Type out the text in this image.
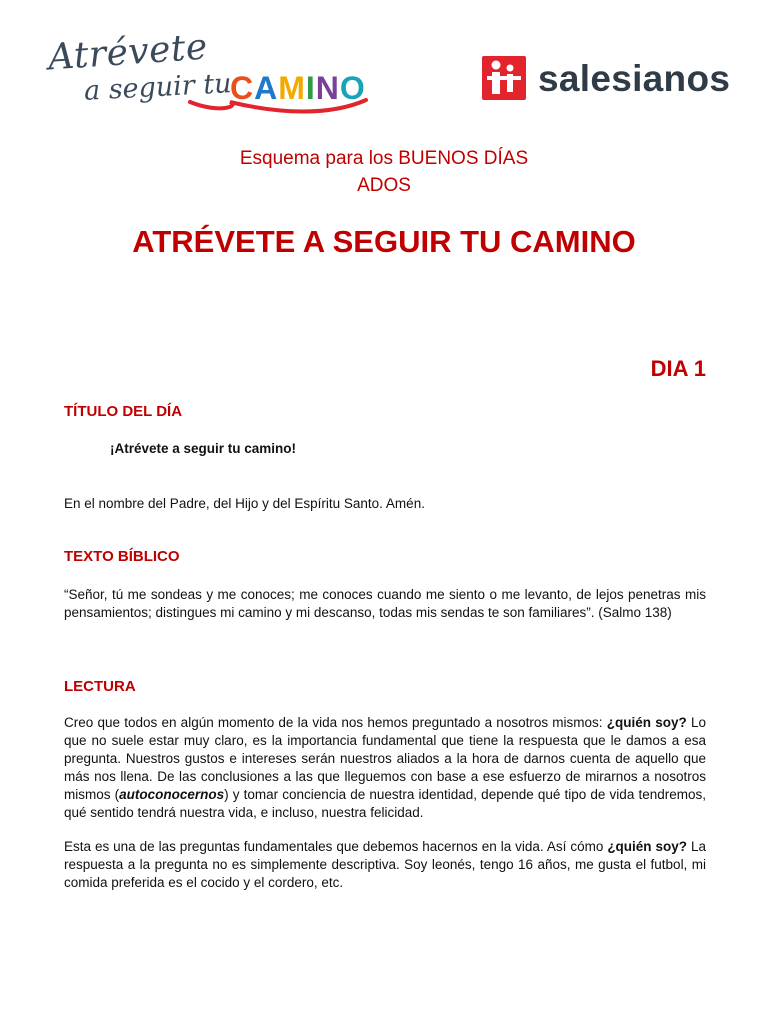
Atrévete
a seguir tu
CAMINO	salesianos
Esquema para los BUENOS DÍAS
ADOS
ATRÉVETE A SEGUIR TU CAMINO
DIA 1
TÍTULO DEL DÍA
¡Atrévete a seguir tu camino!
En el nombre del Padre, del Hijo y del Espíritu Santo. Amén.
TEXTO BÍBLICO
“Señor, tú me sondeas y me conoces; me conoces cuando me siento o me levanto, de lejos penetras mis pensamientos; distingues mi camino y mi descanso, todas mis sendas te son familiares”. (Salmo 138)
LECTURA
Creo que todos en algún momento de la vida nos hemos preguntado a nosotros mismos: ¿quién soy? Lo que no suele estar muy claro, es la importancia fundamental que tiene la respuesta que le damos a esa pregunta. Nuestros gustos e intereses serán nuestros aliados a la hora de darnos cuenta de aquello que más nos llena. De las conclusiones a las que lleguemos con base a ese esfuerzo de mirarnos a nosotros mismos (autoconocernos) y tomar conciencia de nuestra identidad, depende qué tipo de vida tendremos, qué sentido tendrá nuestra vida, e incluso, nuestra felicidad.
Esta es una de las preguntas fundamentales que debemos hacernos en la vida. Así cómo ¿quién soy? La respuesta a la pregunta no es simplemente descriptiva. Soy leonés, tengo 16 años, me gusta el futbol, mi comida preferida es el cocido y el cordero, etc.
